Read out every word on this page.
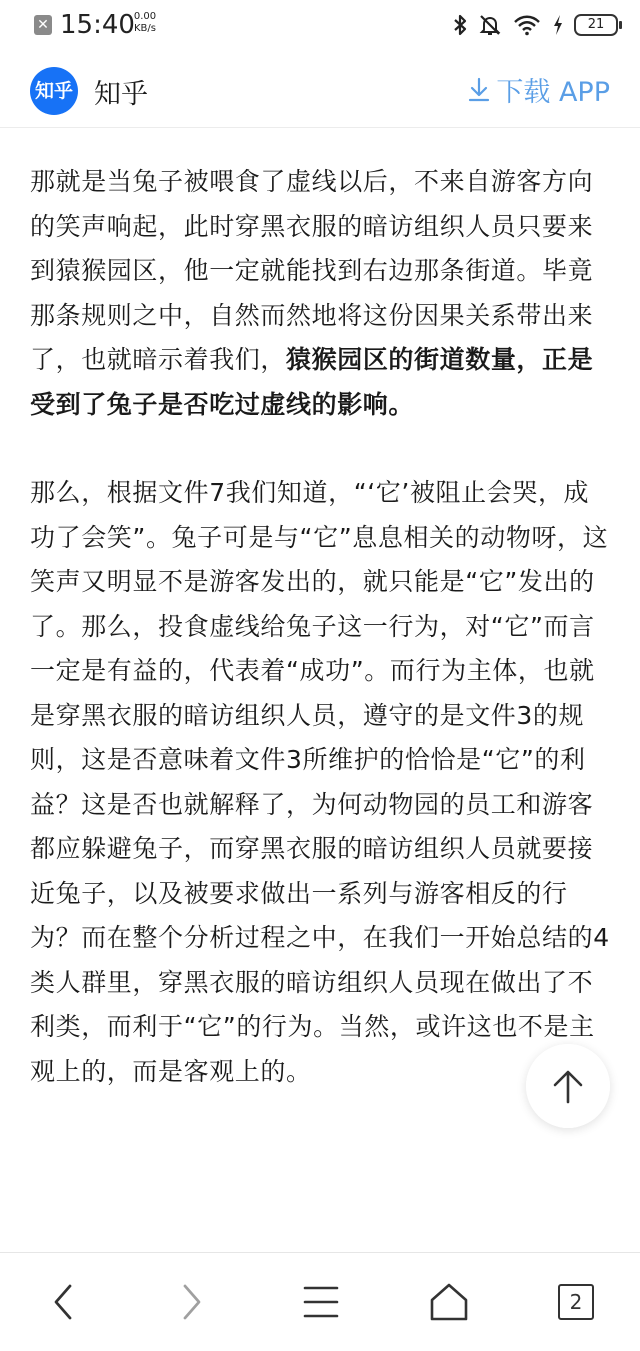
✕ 15:40
0.00
KB/s	21
知乎 知乎	下载 APP

那就是当兔子被喂食了虚线以后，不来自游客方向的笑声响起，此时穿黑衣服的暗访组织人员只要来到猿猴园区，他一定就能找到右边那条街道。毕竟那条规则之中，自然而然地将这份因果关系带出来了，也就暗示着我们，猿猴园区的街道数量，正是受到了兔子是否吃过虚线的影响。

那么，根据文件7我们知道，“‘它’被阻止会哭，成功了会笑”。兔子可是与“它”息息相关的动物呀，这笑声又明显不是游客发出的，就只能是“它”发出的了。那么，投食虚线给兔子这一行为，对“它”而言一定是有益的，代表着“成功”。而行为主体，也就是穿黑衣服的暗访组织人员，遵守的是文件3的规则，这是否意味着文件3所维护的恰恰是“它”的利益？这是否也就解释了，为何动物园的员工和游客都应躲避兔子，而穿黑衣服的暗访组织人员就要接近兔子，以及被要求做出一系列与游客相反的行为？而在整个分析过程之中，在我们一开始总结的4类人群里，穿黑衣服的暗访组织人员现在做出了不利类，而利于“它”的行为。当然，或许这也不是主观上的，而是客观上的。

2
